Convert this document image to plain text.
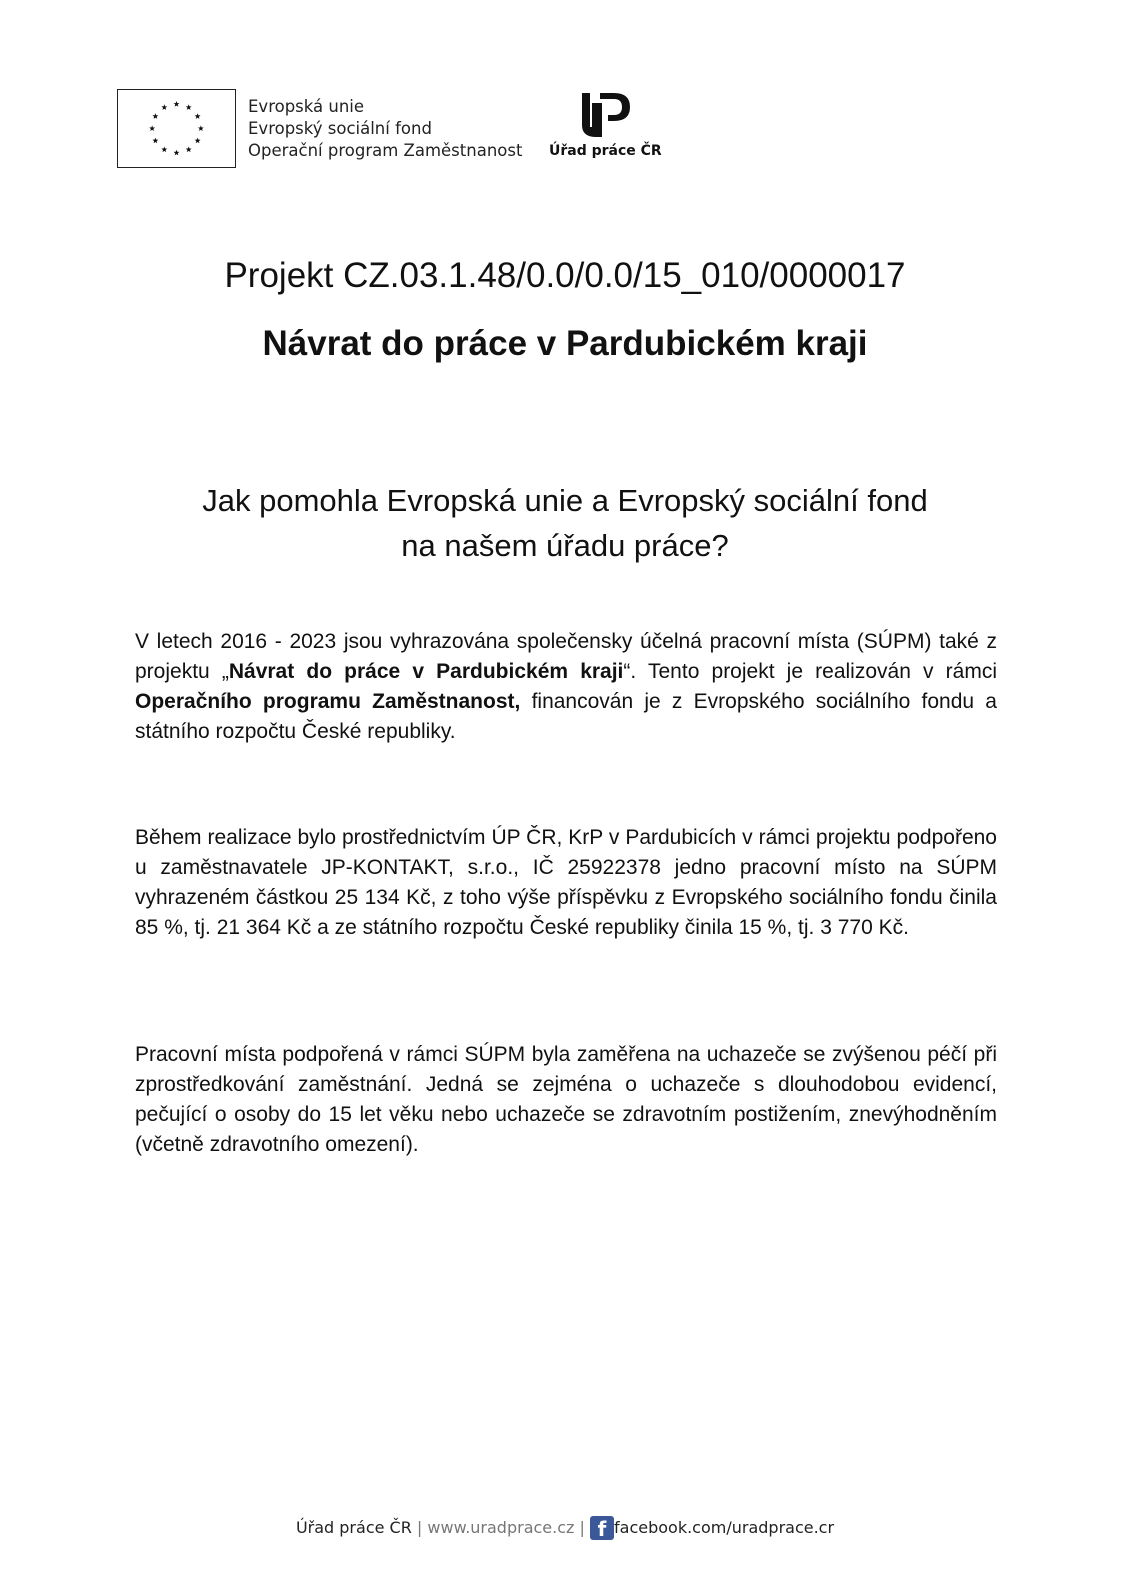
Evropská unie
Evropský sociální fond
Operační program Zaměstnanost Úřad práce ČR
Projekt CZ.03.1.48/0.0/0.0/15_010/0000017
Návrat do práce v Pardubickém kraji
Jak pomohla Evropská unie a Evropský sociální fond
na našem úřadu práce?
V letech 2016 - 2023 jsou vyhrazována společensky účelná pracovní místa (SÚPM) také z projektu „Návrat do práce v Pardubickém kraji“. Tento projekt je realizován v rámci Operačního programu Zaměstnanost, financován je z Evropského sociálního fondu a státního rozpočtu České republiky.
Během realizace bylo prostřednictvím ÚP ČR, KrP v Pardubicích v rámci projektu podpořeno u zaměstnavatele JP-KONTAKT, s.r.o., IČ 25922378 jedno pracovní místo na SÚPM vyhrazeném částkou 25 134 Kč, z toho výše příspěvku z Evropského sociálního fondu činila 85 %, tj. 21 364 Kč a ze státního rozpočtu České republiky činila 15 %, tj. 3 770 Kč.
Pracovní místa podpořená v rámci SÚPM byla zaměřena na uchazeče se zvýšenou péčí při zprostředkování zaměstnání. Jedná se zejména o uchazeče s dlouhodobou evidencí, pečující o osoby do 15 let věku nebo uchazeče se zdravotním postižením, znevýhodněním (včetně zdravotního omezení).
Úřad práce ČR | www.uradprace.cz | f facebook.com/uradprace.cr
